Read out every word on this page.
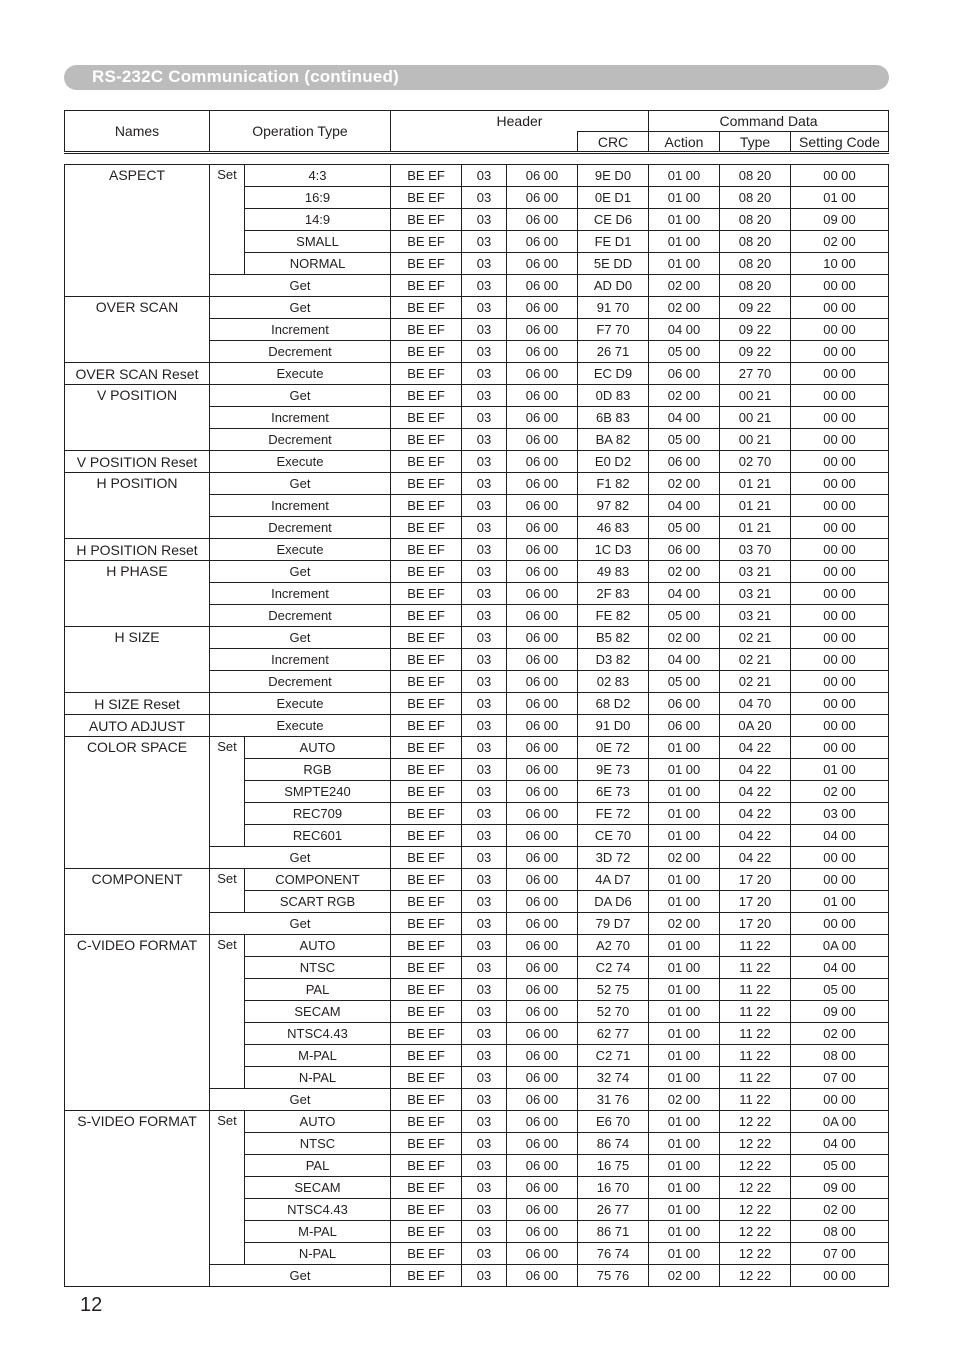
RS-232C Communication (continued)
Names	Operation Type	Header		Command Data		
			CRC	Action	Type	Setting Code
ASPECT	Set	4:3	BE EF	03	06 00	9E D0	01 00	08 20	00 00
		16:9	BE EF	03	06 00	0E D1	01 00	08 20	01 00
		14:9	BE EF	03	06 00	CE D6	01 00	08 20	09 00
		SMALL	BE EF	03	06 00	FE D1	01 00	08 20	02 00
		NORMAL	BE EF	03	06 00	5E DD	01 00	08 20	10 00
	Get		BE EF	03	06 00	AD D0	02 00	08 20	00 00
OVER SCAN	Get		BE EF	03	06 00	91 70	02 00	09 22	00 00
	Increment		BE EF	03	06 00	F7 70	04 00	09 22	00 00
	Decrement		BE EF	03	06 00	26 71	05 00	09 22	00 00
OVER SCAN Reset	Execute		BE EF	03	06 00	EC D9	06 00	27 70	00 00
V POSITION	Get		BE EF	03	06 00	0D 83	02 00	00 21	00 00
	Increment		BE EF	03	06 00	6B 83	04 00	00 21	00 00
	Decrement		BE EF	03	06 00	BA 82	05 00	00 21	00 00
V POSITION Reset	Execute		BE EF	03	06 00	E0 D2	06 00	02 70	00 00
H POSITION	Get		BE EF	03	06 00	F1 82	02 00	01 21	00 00
	Increment		BE EF	03	06 00	97 82	04 00	01 21	00 00
	Decrement		BE EF	03	06 00	46 83	05 00	01 21	00 00
H POSITION Reset	Execute		BE EF	03	06 00	1C D3	06 00	03 70	00 00
H PHASE	Get		BE EF	03	06 00	49 83	02 00	03 21	00 00
	Increment		BE EF	03	06 00	2F 83	04 00	03 21	00 00
	Decrement		BE EF	03	06 00	FE 82	05 00	03 21	00 00
H SIZE	Get		BE EF	03	06 00	B5 82	02 00	02 21	00 00
	Increment		BE EF	03	06 00	D3 82	04 00	02 21	00 00
	Decrement		BE EF	03	06 00	02 83	05 00	02 21	00 00
H SIZE Reset	Execute		BE EF	03	06 00	68 D2	06 00	04 70	00 00
AUTO ADJUST	Execute		BE EF	03	06 00	91 D0	06 00	0A 20	00 00
COLOR SPACE	Set	AUTO	BE EF	03	06 00	0E 72	01 00	04 22	00 00
		RGB	BE EF	03	06 00	9E 73	01 00	04 22	01 00
		SMPTE240	BE EF	03	06 00	6E 73	01 00	04 22	02 00
		REC709	BE EF	03	06 00	FE 72	01 00	04 22	03 00
		REC601	BE EF	03	06 00	CE 70	01 00	04 22	04 00
	Get		BE EF	03	06 00	3D 72	02 00	04 22	00 00
COMPONENT	Set	COMPONENT	BE EF	03	06 00	4A D7	01 00	17 20	00 00
		SCART RGB	BE EF	03	06 00	DA D6	01 00	17 20	01 00
	Get		BE EF	03	06 00	79 D7	02 00	17 20	00 00
C-VIDEO FORMAT	Set	AUTO	BE EF	03	06 00	A2 70	01 00	11 22	0A 00
		NTSC	BE EF	03	06 00	C2 74	01 00	11 22	04 00
		PAL	BE EF	03	06 00	52 75	01 00	11 22	05 00
		SECAM	BE EF	03	06 00	52 70	01 00	11 22	09 00
		NTSC4.43	BE EF	03	06 00	62 77	01 00	11 22	02 00
		M-PAL	BE EF	03	06 00	C2 71	01 00	11 22	08 00
		N-PAL	BE EF	03	06 00	32 74	01 00	11 22	07 00
	Get		BE EF	03	06 00	31 76	02 00	11 22	00 00
S-VIDEO FORMAT	Set	AUTO	BE EF	03	06 00	E6 70	01 00	12 22	0A 00
		NTSC	BE EF	03	06 00	86 74	01 00	12 22	04 00
		PAL	BE EF	03	06 00	16 75	01 00	12 22	05 00
		SECAM	BE EF	03	06 00	16 70	01 00	12 22	09 00
		NTSC4.43	BE EF	03	06 00	26 77	01 00	12 22	02 00
		M-PAL	BE EF	03	06 00	86 71	01 00	12 22	08 00
		N-PAL	BE EF	03	06 00	76 74	01 00	12 22	07 00
	Get		BE EF	03	06 00	75 76	02 00	12 22	00 00
12
